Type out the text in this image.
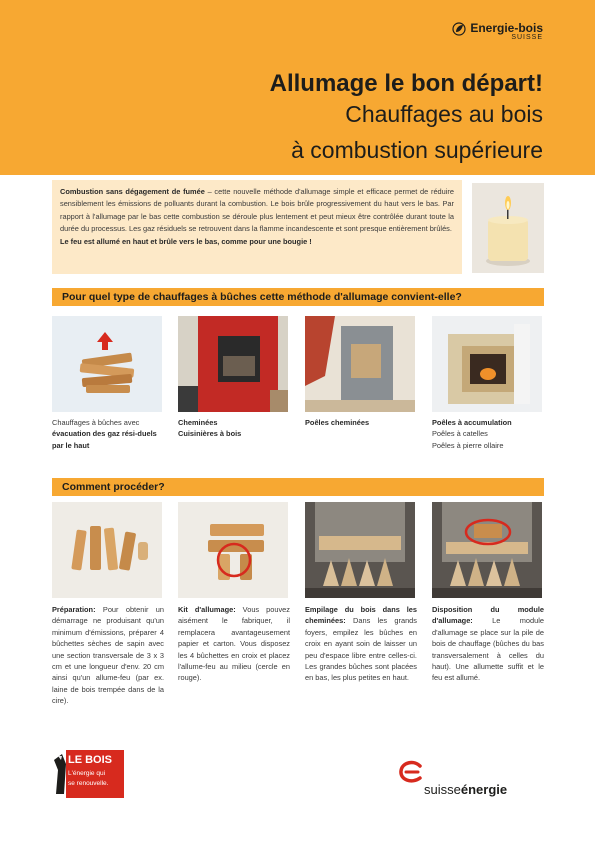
Energie-bois
SUISSE
Allumage le bon départ!
Chauffages au bois
à combustion supérieure

Combustion sans dégagement de fumée – cette nouvelle méthode d'allumage simple et efficace permet de réduire sensiblement les émissions de polluants durant la combustion. Le bois brûle progressivement du haut vers le bas. Par rapport à l'allumage par le bas cette combustion se déroule plus lentement et peut mieux être contrôlée durant toute la durée du processus. Les gaz résiduels se retrouvent dans la flamme incandescente et sont presque entièrement brûlés.
Le feu est allumé en haut et brûle vers le bas, comme pour une bougie !

Pour quel type de chauffages à bûches cette méthode d'allumage convient-elle?
Chauffages à bûches avec évacuation des gaz rési-duels par le haut
Cheminées
Cuisinières à bois
Poêles cheminées	Poêles à accumulation
Poêles à catelles
Poêles à pierre ollaire
Comment procéder?
Préparation: Pour obtenir un démarrage ne produisant qu'un minimum d'émissions, préparer 4 bûchettes sèches de sapin avec une section transversale de 3 x 3 cm et une longueur d'env. 20 cm ainsi qu'un allume-feu (par ex. laine de bois trempée dans de la cire).
Kit d'allumage: Vous pouvez aisément le fabriquer, il remplacera avantageusement papier et carton. Vous disposez les 4 bûchettes en croix et placez l'allume-feu au milieu (cercle en rouge).
Empilage du bois dans les cheminées: Dans les grands foyers, empilez les bûches en croix en ayant soin de laisser un peu d'espace libre entre celles-ci. Les grandes bûches sont placées en bas, les plus petites en haut.
Disposition du module d'allumage: Le module d'allumage se place sur la pile de bois de chauffage (bûches du bas transversalement à celles du haut). Une allumette suffit et le feu est allumé.
LE BOIS
L'énergie qui
se renouvelle.	suisseénergie
